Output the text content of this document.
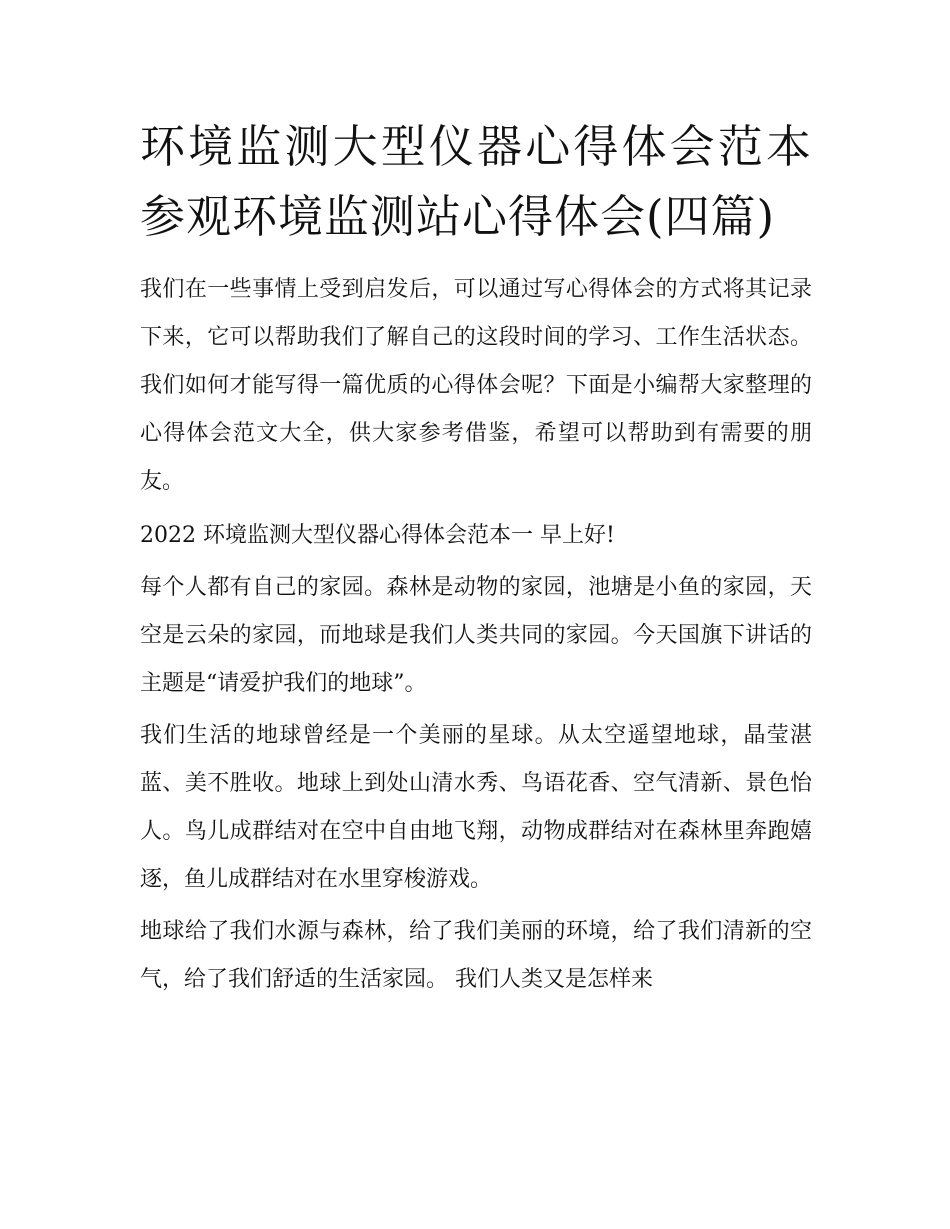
环境监测大型仪器心得体会范本 参观环境监测站心得体会(四篇)

我们在一些事情上受到启发后，可以通过写心得体会的方式将其记录下来，它可以帮助我们了解自己的这段时间的学习、工作生活状态。我们如何才能写得一篇优质的心得体会呢？下面是小编帮大家整理的心得体会范文大全，供大家参考借鉴，希望可以帮助到有需要的朋友。

2022 环境监测大型仪器心得体会范本一 早上好!

每个人都有自己的家园。森林是动物的家园，池塘是小鱼的家园，天空是云朵的家园，而地球是我们人类共同的家园。今天国旗下讲话的主题是“请爱护我们的地球”。

我们生活的地球曾经是一个美丽的星球。从太空遥望地球，晶莹湛蓝、美不胜收。地球上到处山清水秀、鸟语花香、空气清新、景色怡人。鸟儿成群结对在空中自由地飞翔，动物成群结对在森林里奔跑嬉逐，鱼儿成群结对在水里穿梭游戏。

地球给了我们水源与森林，给了我们美丽的环境，给了我们清新的空气，给了我们舒适的生活家园。 我们人类又是怎样来
